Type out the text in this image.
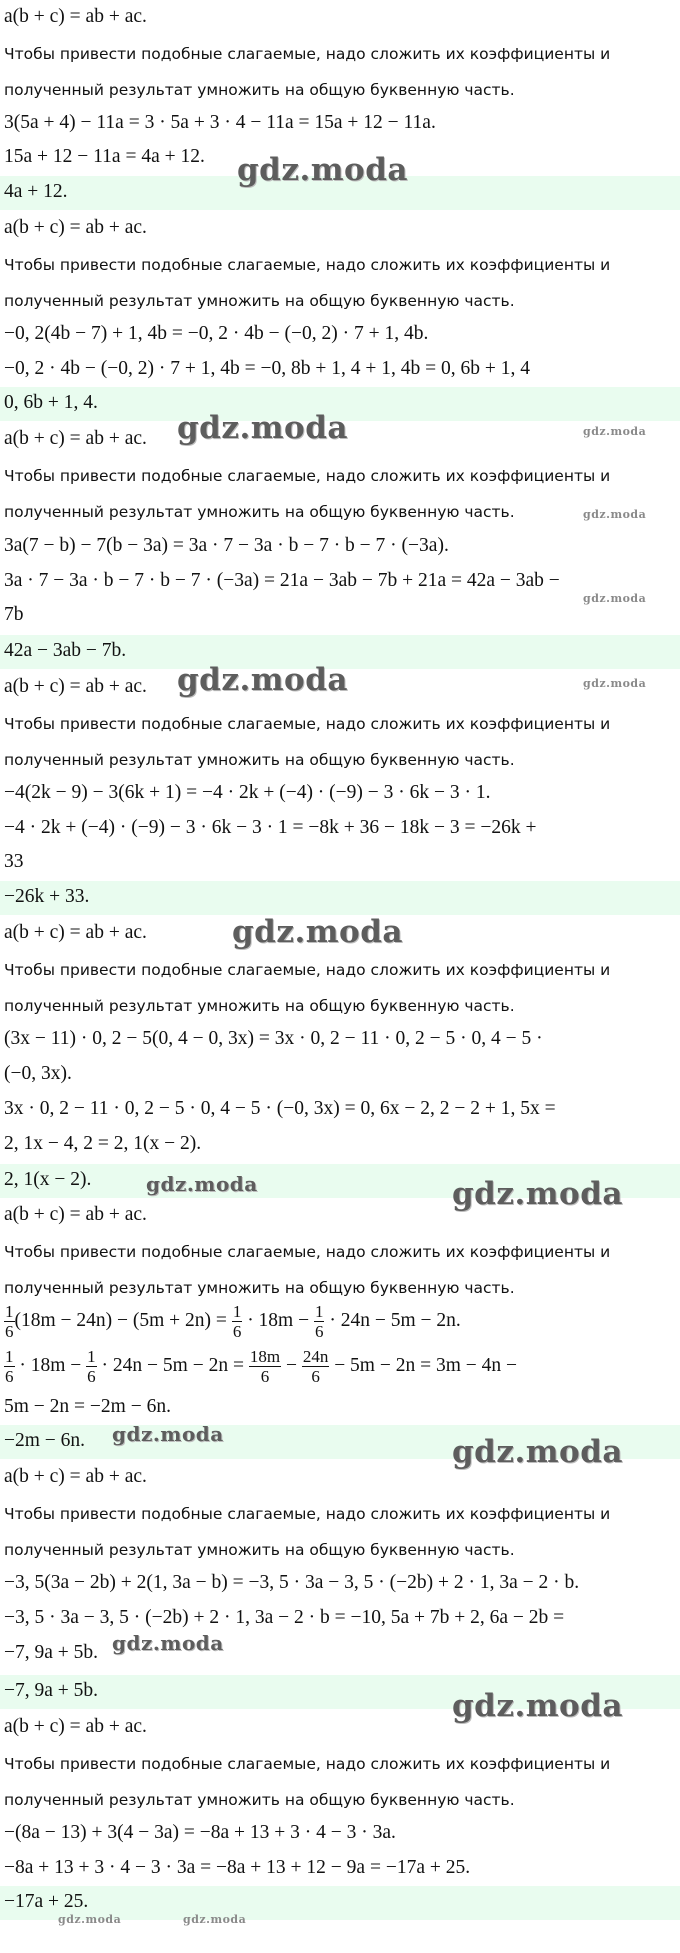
a(b + c) = ab + ac.
Чтобы привести подобные слагаемые, надо сложить их коэффициенты и
полученный результат умножить на общую буквенную часть.
3(5a + 4) − 11a = 3 · 5a + 3 · 4 − 11a = 15a + 12 − 11a.
15a + 12 − 11a = 4a + 12.
4a + 12.
a(b + c) = ab + ac.
Чтобы привести подобные слагаемые, надо сложить их коэффициенты и
полученный результат умножить на общую буквенную часть.
−0, 2(4b − 7) + 1, 4b = −0, 2 · 4b − (−0, 2) · 7 + 1, 4b.
−0, 2 · 4b − (−0, 2) · 7 + 1, 4b = −0, 8b + 1, 4 + 1, 4b = 0, 6b + 1, 4
0, 6b + 1, 4.
a(b + c) = ab + ac.
Чтобы привести подобные слагаемые, надо сложить их коэффициенты и
полученный результат умножить на общую буквенную часть.
3a(7 − b) − 7(b − 3a) = 3a · 7 − 3a · b − 7 · b − 7 · (−3a).
3a · 7 − 3a · b − 7 · b − 7 · (−3a) = 21a − 3ab − 7b + 21a = 42a − 3ab −
7b
42a − 3ab − 7b.
a(b + c) = ab + ac.
Чтобы привести подобные слагаемые, надо сложить их коэффициенты и
полученный результат умножить на общую буквенную часть.
−4(2k − 9) − 3(6k + 1) = −4 · 2k + (−4) · (−9) − 3 · 6k − 3 · 1.
−4 · 2k + (−4) · (−9) − 3 · 6k − 3 · 1 = −8k + 36 − 18k − 3 = −26k +
33
−26k + 33.
a(b + c) = ab + ac.
Чтобы привести подобные слагаемые, надо сложить их коэффициенты и
полученный результат умножить на общую буквенную часть.
(3x − 11) · 0, 2 − 5(0, 4 − 0, 3x) = 3x · 0, 2 − 11 · 0, 2 − 5 · 0, 4 − 5 ·
(−0, 3x).
3x · 0, 2 − 11 · 0, 2 − 5 · 0, 4 − 5 · (−0, 3x) = 0, 6x − 2, 2 − 2 + 1, 5x =
2, 1x − 4, 2 = 2, 1(x − 2).
2, 1(x − 2).
a(b + c) = ab + ac.
Чтобы привести подобные слагаемые, надо сложить их коэффициенты и
полученный результат умножить на общую буквенную часть.
$\frac{1}{6} (18m - 24n) - (5m + 2n) = \frac{1}{6} \cdot 18m - \frac{1}{6} \cdot 24n - 5m - 2n$.
$\frac{1}{6} \cdot 18m - \frac{1}{6} \cdot 24n - 5m - 2n = \frac{18m}{6} - \frac{24n}{6} - 5m - 2n = 3m - 4n$ −
5m − 2n = −2m − 6n.
−2m − 6n.
a(b + c) = ab + ac.
Чтобы привести подобные слагаемые, надо сложить их коэффициенты и
полученный результат умножить на общую буквенную часть.
−3, 5(3a − 2b) + 2(1, 3a − b) = −3, 5 · 3a − 3, 5 · (−2b) + 2 · 1, 3a − 2 · b.
−3, 5 · 3a − 3, 5 · (−2b) + 2 · 1, 3a − 2 · b = −10, 5a + 7b + 2, 6a − 2b =
−7, 9a + 5b.
−7, 9a + 5b.
a(b + c) = ab + ac.
Чтобы привести подобные слагаемые, надо сложить их коэффициенты и
полученный результат умножить на общую буквенную часть.
−(8a − 13) + 3(4 − 3a) = −8a + 13 + 3 · 4 − 3 · 3a.
−8a + 13 + 3 · 4 − 3 · 3a = −8a + 13 + 12 − 9a = −17a + 25.
−17a + 25.
gdz.moda
gdz.moda
gdz.moda
gdz.moda
gdz.moda
gdz.moda
gdz.moda
gdz.moda
gdz.moda
gdz.moda
gdz.moda
gdz.moda
gdz.moda
gdz.moda
gdz.moda	gdz.moda
